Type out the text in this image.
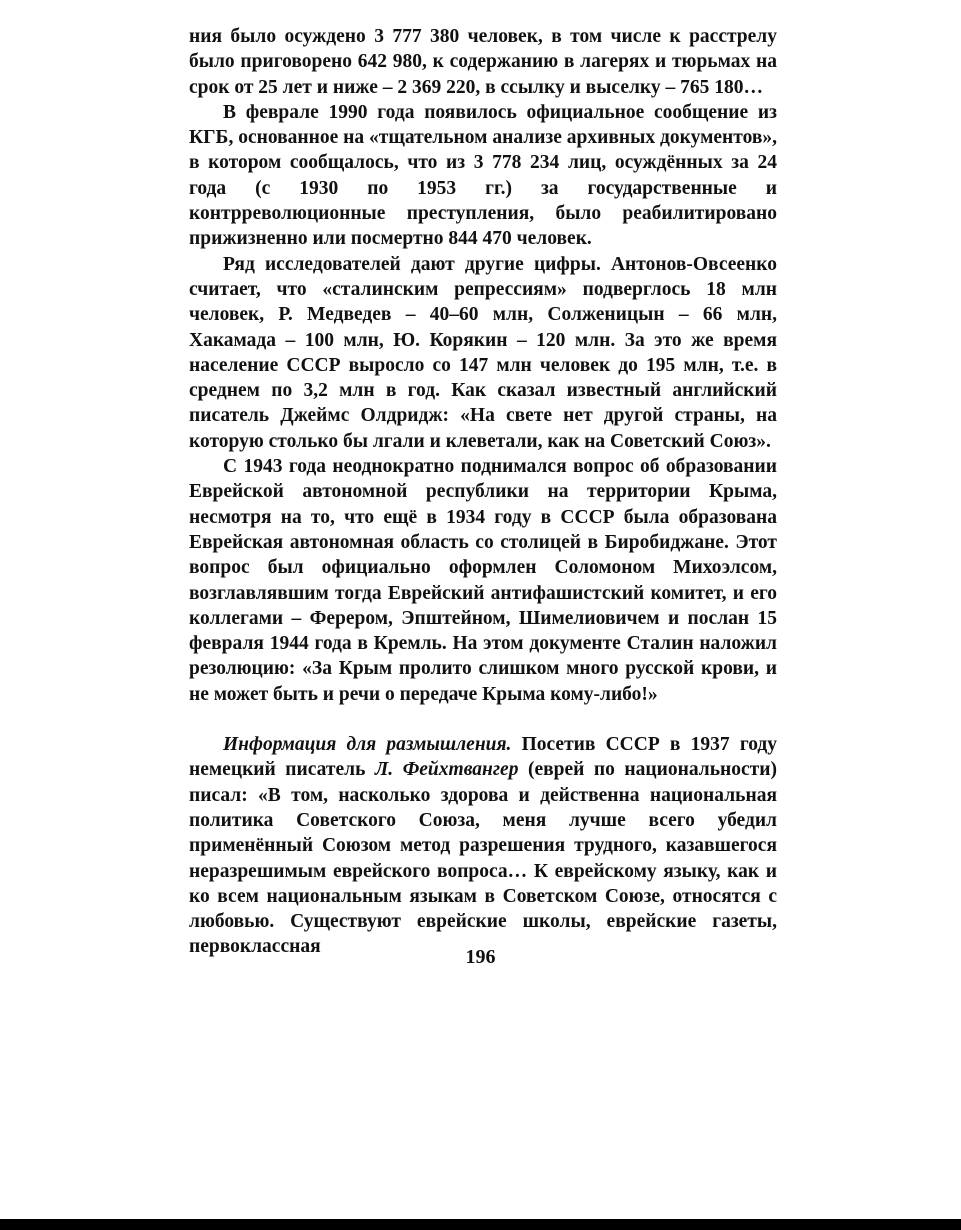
ния было осуждено 3 777 380 человек, в том числе к расстрелу было приговорено 642 980, к содержанию в лагерях и тюрьмах на срок от 25 лет и ниже – 2 369 220, в ссылку и выселку – 765 180…

В феврале 1990 года появилось официальное сообщение из КГБ, основанное на «тщательном анализе архивных документов», в котором сообщалось, что из 3 778 234 лиц, осуждённых за 24 года (с 1930 по 1953 гг.) за государственные и контрреволюционные преступления, было реабилитировано прижизненно или посмертно 844 470 человек.

Ряд исследователей дают другие цифры. Антонов-Овсеенко считает, что «сталинским репрессиям» подверглось 18 млн человек, Р. Медведев – 40–60 млн, Солженицын – 66 млн, Хакамада – 100 млн, Ю. Корякин – 120 млн. За это же время население СССР выросло со 147 млн человек до 195 млн, т.е. в среднем по 3,2 млн в год. Как сказал известный английский писатель Джеймс Олдридж: «На свете нет другой страны, на которую столько бы лгали и клеветали, как на Советский Союз».

С 1943 года неоднократно поднимался вопрос об образовании Еврейской автономной республики на территории Крыма, несмотря на то, что ещё в 1934 году в СССР была образована Еврейская автономная область со столицей в Биробиджане. Этот вопрос был официально оформлен Соломоном Михоэлсом, возглавлявшим тогда Еврейский антифашистский комитет, и его коллегами – Ферером, Эпштейном, Шимелиовичем и послан 15 февраля 1944 года в Кремль. На этом документе Сталин наложил резолюцию: «За Крым пролито слишком много русской крови, и не может быть и речи о передаче Крыма кому-либо!»

Информация для размышления. Посетив СССР в 1937 году немецкий писатель Л. Фейхтвангер (еврей по национальности) писал: «В том, насколько здорова и действенна национальная политика Советского Союза, меня лучше всего убедил применённый Союзом метод разрешения трудного, казавшегося неразрешимым еврейского вопроса… К еврейскому языку, как и ко всем национальным языкам в Советском Союзе, относятся с любовью. Существуют еврейские школы, еврейские газеты, первоклассная	196
